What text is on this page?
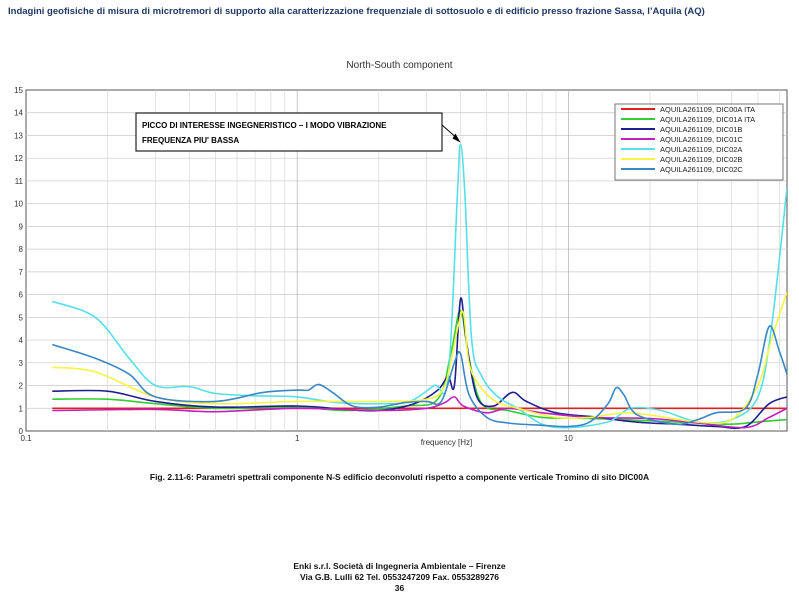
Indagini geofisiche di misura di microtremori di supporto alla caratterizzazione frequenziale di sottosuolo e di edificio presso frazione Sassa, l’Aquila (AQ)
North-South component
0
1
2
3
4
5
6
7
8
9
10
11
12
13
14
15
0.1	1	10
frequency [Hz]
AQUILA261109, DIC00A ITA
AQUILA261109, DIC01A ITA
AQUILA261109, DIC01B
AQUILA261109, DIC01C
AQUILA261109, DIC02A
AQUILA261109, DIC02B
AQUILA261109, DIC02C
PICCO DI INTERESSE INGEGNERISTICO – I MODO VIBRAZIONE
FREQUENZA PIU' BASSA
Fig. 2.11-6: Parametri spettrali componente N-S edificio deconvoluti rispetto a componente verticale Tromino di sito DIC00A
Enki s.r.l. Società di Ingegneria Ambientale – Firenze
Via G.B. Lulli 62 Tel. 0553247209 Fax. 0553289276
36
